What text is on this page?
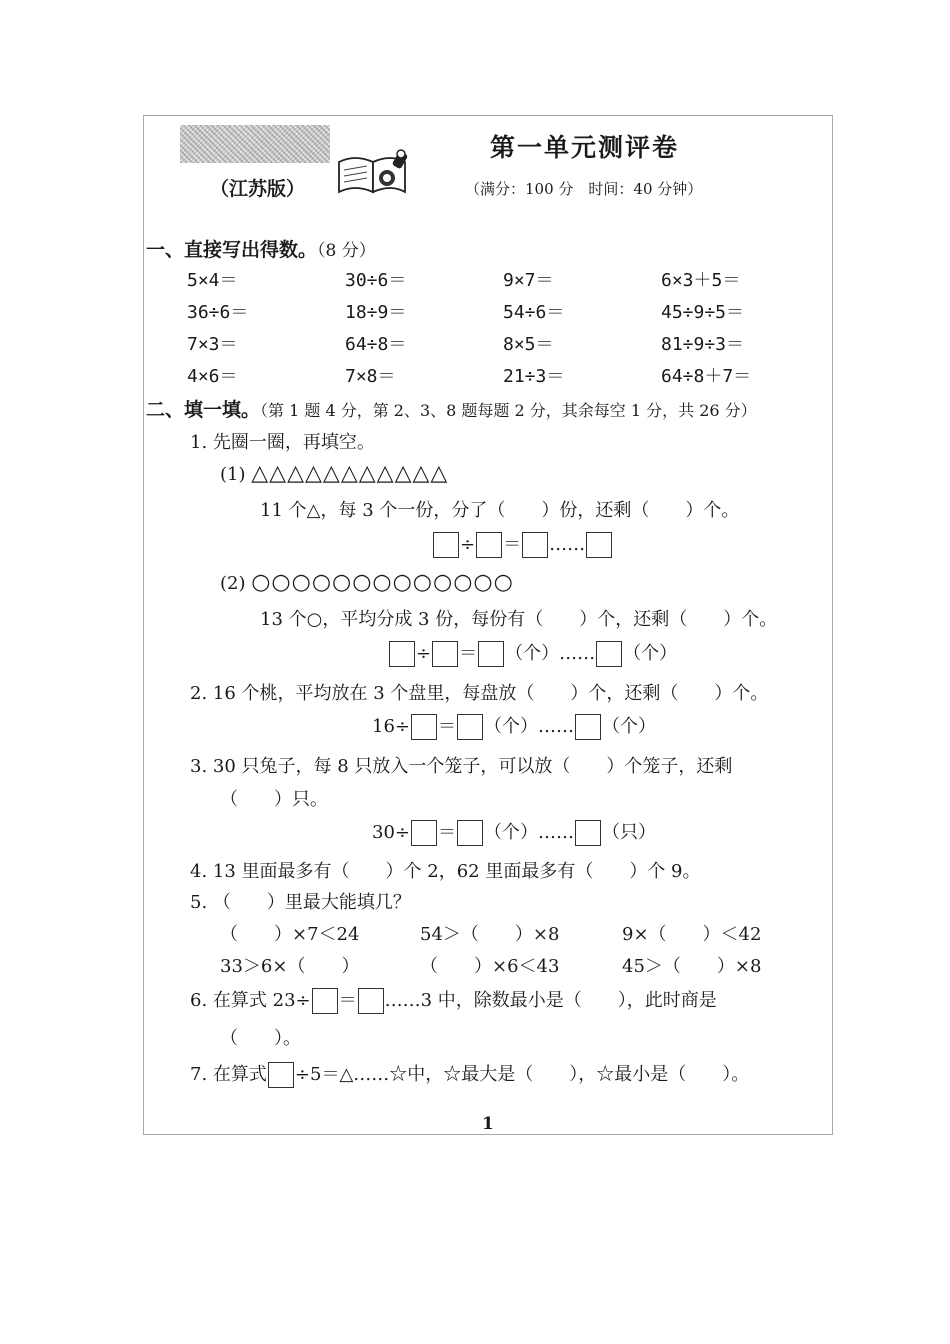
第一单元测评卷
（江苏版）	（满分：100 分　时间：40 分钟）
一、直接写出得数。（8 分）
5×4＝	30÷6＝	9×7＝	6×3＋5＝
36÷6＝	18÷9＝	54÷6＝	45÷9÷5＝
7×3＝	64÷8＝	8×5＝	81÷9÷3＝
4×6＝	7×8＝	21÷3＝	64÷8＋7＝
二、填一填。（第 1 题 4 分，第 2、3、8 题每题 2 分，其余每空 1 分，共 26 分）
1. 先圈一圈，再填空。
(1) △△△△△△△△△△△
11 个△，每 3 个一份，分了（　　）份，还剩（　　）个。
÷ ＝ ……
(2) ○○○○○○○○○○○○○
13 个○，平均分成 3 份，每份有（　　）个，还剩（　　）个。
÷ ＝ （个）…… （个）
2. 16 个桃，平均放在 3 个盘里，每盘放（　　）个，还剩（　　）个。
16÷ ＝ （个）…… （个）
3. 30 只兔子，每 8 只放入一个笼子，可以放（　　）个笼子，还剩
（　　）只。
30÷ ＝ （个）…… （只）
4. 13 里面最多有（　　）个 2，62 里面最多有（　　）个 9。
5. （　　）里最大能填几？
（　　）×7＜24	54＞（　　）×8	9×（　　）＜42
33＞6×（　　）	（　　）×6＜43	45＞（　　）×8
6. 在算式 23÷ ＝ ……3 中，除数最小是（　　），此时商是
（　　）。
7. 在算式 ÷5＝△……☆中，☆最大是（　　），☆最小是（　　）。
1
